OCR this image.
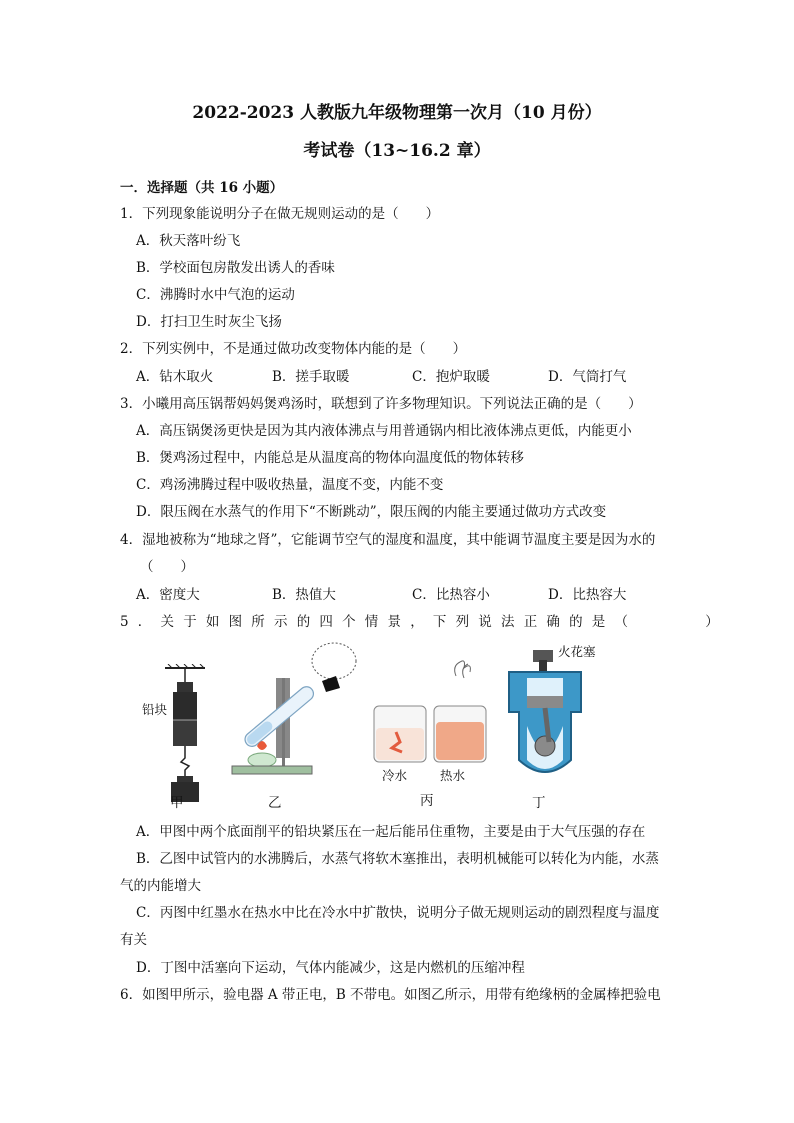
2022-2023 人教版九年级物理第一次月（10 月份）
考试卷（13~16.2 章）
一．选择题（共 16 小题）
1．下列现象能说明分子在做无规则运动的是（　　）
A．秋天落叶纷飞
B．学校面包房散发出诱人的香味
C．沸腾时水中气泡的运动
D．打扫卫生时灰尘飞扬
2．下列实例中，不是通过做功改变物体内能的是（　　）
A．钻木取火	B．搓手取暖	C．抱炉取暖	D．气筒打气
3．小曦用高压锅帮妈妈煲鸡汤时，联想到了许多物理知识。下列说法正确的是（　　）
A．高压锅煲汤更快是因为其内液体沸点与用普通锅内相比液体沸点更低，内能更小
B．煲鸡汤过程中，内能总是从温度高的物体向温度低的物体转移
C．鸡汤沸腾过程中吸收热量，温度不变，内能不变
D．限压阀在水蒸气的作用下“不断跳动”，限压阀的内能主要通过做功方式改变
4．湿地被称为“地球之肾”，它能调节空气的湿度和温度，其中能调节温度主要是因为水的
（　　）
A．密度大	B．热值大	C．比热容小	D．比热容大
5．关于如图所示的四个情景，下列说法正确的是（　　　）
铅块
冷水	热水
火花塞
甲	乙	丙	丁
A．甲图中两个底面削平的铅块紧压在一起后能吊住重物，主要是由于大气压强的存在
B．乙图中试管内的水沸腾后，水蒸气将软木塞推出，表明机械能可以转化为内能，水蒸
气的内能增大
C．丙图中红墨水在热水中比在冷水中扩散快，说明分子做无规则运动的剧烈程度与温度
有关
D．丁图中活塞向下运动，气体内能减少，这是内燃机的压缩冲程
6．如图甲所示，验电器 A 带正电，B 不带电。如图乙所示，用带有绝缘柄的金属棒把验电
